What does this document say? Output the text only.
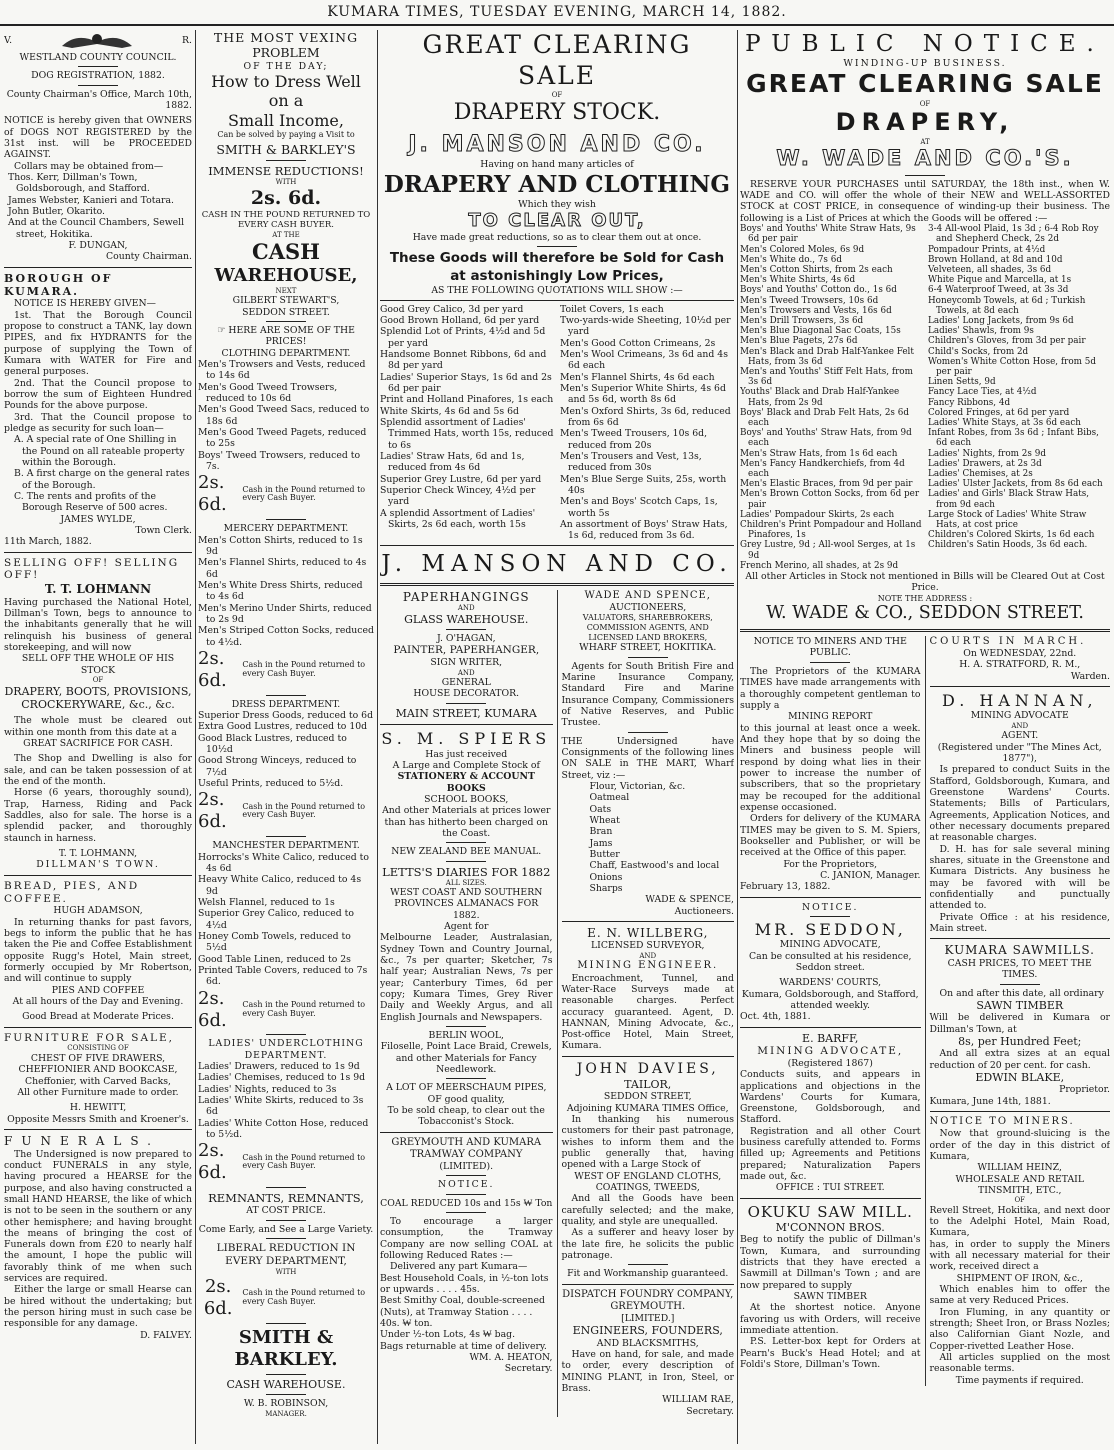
KUMARA TIMES, TUESDAY EVENING, MARCH 14, 1882.
V.	R.
WESTLAND COUNTY COUNCIL.
DOG REGISTRATION, 1882.
County Chairman's Office, March 10th, 1882.
NOTICE is hereby given that OWNERS of DOGS NOT REGISTERED by the 31st inst. will be PROCEEDED AGAINST.
Collars may be obtained from—
Thos. Kerr, Dillman's Town, Goldsborough, and Stafford.
James Webster, Kanieri and Totara.
John Butler, Okarito.
And at the Council Chambers, Sewell street, Hokitika.
F. DUNGAN,
County Chairman.
BOROUGH OF KUMARA.
NOTICE IS HEREBY GIVEN—
1st. That the Borough Council propose to construct a TANK, lay down PIPES, and fix HYDRANTS for the purpose of supplying the Town of Kumara with WATER for Fire and general purposes.
2nd. That the Council propose to borrow the sum of Eighteen Hundred Pounds for the above purpose.
3rd. That the Council propose to pledge as security for such loan—
A. A special rate of One Shilling in the Pound on all rateable property within the Borough.
B. A first charge on the general rates of the Borough.
C. The rents and profits of the Borough Reserve of 500 acres.
JAMES WYLDE,
Town Clerk.
11th March, 1882.
SELLING OFF! SELLING OFF!
T. T. LOHMANN
Having purchased the National Hotel, Dillman's Town, begs to announce to the inhabitants generally that he will relinquish his business of general storekeeping, and will now
SELL OFF THE WHOLE OF HIS STOCK
OF
DRAPERY, BOOTS, PROVISIONS, CROCKERYWARE, &c., &c.
The whole must be cleared out within one month from this date at a
GREAT SACRIFICE FOR CASH.
The Shop and Dwelling is also for sale, and can be taken possession of at the end of the month.
Horse (6 years, thoroughly sound), Trap, Harness, Riding and Pack Saddles, also for sale. The horse is a splendid packer, and thoroughly staunch in harness.
T. T. LOHMANN,
DILLMAN'S TOWN.
BREAD, PIES, AND COFFEE.
HUGH ADAMSON,
In returning thanks for past favors, begs to inform the public that he has taken the Pie and Coffee Establishment opposite Rugg's Hotel, Main street, formerly occupied by Mr Robertson, and will continue to supply
PIES AND COFFEE
At all hours of the Day and Evening.
Good Bread at Moderate Prices.
FURNITURE FOR SALE,
CONSISTING OF
CHEST OF FIVE DRAWERS, CHEFFIONIER AND BOOKCASE,
Cheffonier, with Carved Backs,
All other Furniture made to order.
H. HEWITT,
Opposite Messrs Smith and Kroener's.
FUNERALS.
The Undersigned is now prepared to conduct FUNERALS in any style, having procured a HEARSE for the purpose, and also having constructed a small HAND HEARSE, the like of which is not to be seen in the southern or any other hemisphere; and having brought the means of bringing the cost of Funerals down from £20 to nearly half the amount, I hope the public will favorably think of me when such services are required.
Either the large or small Hearse can be hired without the undertaking; but the person hiring must in such case be responsible for any damage.
D. FALVEY.
THE MOST VEXING
PROBLEM
OF THE DAY;
How to Dress Well
on a
Small Income,
Can be solved by paying a Visit to
SMITH & BARKLEY'S
IMMENSE REDUCTIONS!
WITH
2s. 6d.
CASH IN THE POUND RETURNED TO EVERY CASH BUYER.
AT THE
CASH
WAREHOUSE,
NEXT
GILBERT STEWART'S,
SEDDON STREET.
☞ HERE ARE SOME OF THE PRICES!
CLOTHING DEPARTMENT.
Men's Trowsers and Vests, reduced to 14s 6d
Men's Good Tweed Trowsers, reduced to 10s 6d
Men's Good Tweed Sacs, reduced to 18s 6d
Men's Good Tweed Pagets, reduced to 25s
Boys' Tweed Trowsers, reduced to 7s.
2s. 6d.
Cash in the Pound returned to every Cash Buyer.
MERCERY DEPARTMENT.
Men's Cotton Shirts, reduced to 1s 9d
Men's Flannel Shirts, reduced to 4s 6d
Men's White Dress Shirts, reduced to 4s 6d
Men's Merino Under Shirts, reduced to 2s 9d
Men's Striped Cotton Socks, reduced to 4½d.
2s. 6d.
Cash in the Pound returned to every Cash Buyer.
DRESS DEPARTMENT.
Superior Dress Goods, reduced to 6d
Extra Good Lustres, reduced to 10d
Good Black Lustres, reduced to 10½d
Good Strong Winceys, reduced to 7½d
Useful Prints, reduced to 5½d.
2s. 6d.
Cash in the Pound returned to every Cash Buyer.
MANCHESTER DEPARTMENT.
Horrocks's White Calico, reduced to 4s 6d
Heavy White Calico, reduced to 4s 9d
Welsh Flannel, reduced to 1s
Superior Grey Calico, reduced to 4½d
Honey Comb Towels, reduced to 5½d
Good Table Linen, reduced to 2s
Printed Table Covers, reduced to 7s 6d.
2s. 6d.
Cash in the Pound returned to every Cash Buyer.
LADIES' UNDERCLOTHING DEPARTMENT.
Ladies' Drawers, reduced to 1s 9d
Ladies' Chemises, reduced to 1s 9d
Ladies' Nights, reduced to 3s
Ladies' White Skirts, reduced to 3s 6d
Ladies' White Cotton Hose, reduced to 5½d.
2s. 6d.
Cash in the Pound returned to every Cash Buyer.
REMNANTS, REMNANTS,
AT COST PRICE.
Come Early, and See a Large Variety.
LIBERAL REDUCTION IN EVERY DEPARTMENT,
WITH
2s. 6d.
Cash in the Pound returned to every Cash Buyer.
SMITH & BARKLEY.
CASH WAREHOUSE.
W. B. ROBINSON,
MANAGER.
GREAT CLEARING SALE
OF
DRAPERY STOCK.
J. MANSON AND CO.
Having on hand many articles of
DRAPERY AND CLOTHING
Which they wish
TO CLEAR OUT,
Have made great reductions, so as to clear them out at once.
These Goods will therefore be Sold for Cash at astonishingly Low Prices,
AS THE FOLLOWING QUOTATIONS WILL SHOW :—
Good Grey Calico, 3d per yard
Good Brown Holland, 6d per yard
Splendid Lot of Prints, 4½d and 5d per yard
Handsome Bonnet Ribbons, 6d and 8d per yard
Ladies' Superior Stays, 1s 6d and 2s 6d per pair
Print and Holland Pinafores, 1s each
White Skirts, 4s 6d and 5s 6d
Splendid assortment of Ladies' Trimmed Hats, worth 15s, reduced to 6s
Ladies' Straw Hats, 6d and 1s, reduced from 4s 6d
Superior Grey Lustre, 6d per yard
Superior Check Wincey, 4½d per yard
A splendid Assortment of Ladies' Skirts, 2s 6d each, worth 15s
Toilet Covers, 1s each
Two-yards-wide Sheeting, 10½d per yard
Men's Good Cotton Crimeans, 2s
Men's Wool Crimeans, 3s 6d and 4s 6d each
Men's Flannel Shirts, 4s 6d each
Men's Superior White Shirts, 4s 6d and 5s 6d, worth 8s 6d
Men's Oxford Shirts, 3s 6d, reduced from 6s 6d
Men's Tweed Trousers, 10s 6d, reduced from 20s
Men's Trousers and Vest, 13s, reduced from 30s
Men's Blue Serge Suits, 25s, worth 40s
Men's and Boys' Scotch Caps, 1s, worth 5s
An assortment of Boys' Straw Hats, 1s 6d, reduced from 3s 6d.
J. MANSON AND CO.
PAPERHANGINGS
AND
GLASS WAREHOUSE.
J. O'HAGAN,
PAINTER, PAPERHANGER,
SIGN WRITER,
AND
GENERAL
HOUSE DECORATOR.
MAIN STREET, KUMARA
S. M. SPIERS
Has just received
A Large and Complete Stock of
STATIONERY & ACCOUNT BOOKS
SCHOOL BOOKS,
And other Materials at prices lower than has hitherto been charged on the Coast.
NEW ZEALAND BEE MANUAL.
LETTS'S DIARIES FOR 1882
ALL SIZES.
WEST COAST AND SOUTHERN PROVINCES ALMANACS FOR 1882.
Agent for
Melbourne Leader, Australasian, Sydney Town and Country Journal, &c., 7s per quarter; Sketcher, 7s half year; Australian News, 7s per year; Canterbury Times, 6d per copy; Kumara Times, Grey River Daily and Weekly Argus, and all English Journals and Newspapers.
BERLIN WOOL,
Filoselle, Point Lace Braid, Crewels, and other Materials for Fancy Needlework.
A LOT OF MEERSCHAUM PIPES, OF good quality,
To be sold cheap, to clear out the Tobacconist's Stock.
GREYMOUTH AND KUMARA TRAMWAY COMPANY
(LIMITED).
NOTICE.
COAL REDUCED 10s and 15s ₩ Ton
To encourage a larger consumption, the Tramway Company are now selling COAL at following Reduced Rates :—
Delivered any part Kumara—
Best Household Coals, in ½-ton lots or upwards . . . . 45s.
Best Smithy Coal, double-screened (Nuts), at Tramway Station . . . . 40s. ₩ ton.
Under ½-ton Lots, 4s ₩ bag.
Bags returnable at time of delivery.
WM. A. HEATON,
Secretary.
WADE AND SPENCE,
AUCTIONEERS,
VALUATORS, SHAREBROKERS, COMMISSION AGENTS, AND
LICENSED LAND BROKERS,
WHARF STREET, HOKITIKA.
Agents for South British Fire and Marine Insurance Company, Standard Fire and Marine Insurance Company, Commissioners of Native Reserves, and Public Trustee.
THE Undersigned have Consignments of the following lines ON SALE in THE MART, Wharf Street, viz :—
Flour, Victorian, &c.
Oatmeal
Oats
Wheat
Bran
Jams
Butter
Chaff, Eastwood's and local
Onions
Sharps
WADE & SPENCE,
Auctioneers.
E. N. WILLBERG,
LICENSED SURVEYOR,
AND
MINING ENGINEER.
Encroachment, Tunnel, and Water-Race Surveys made at reasonable charges. Perfect accuracy guaranteed. Agent, D. HANNAN, Mining Advocate, &c., Post-office Hotel, Main Street, Kumara.
JOHN DAVIES,
TAILOR,
SEDDON STREET,
Adjoining KUMARA TIMES Office,
In thanking his numerous customers for their past patronage, wishes to inform them and the public generally that, having opened with a Large Stock of
WEST OF ENGLAND CLOTHS,
COATINGS, TWEEDS,
And all the Goods have been carefully selected; and the make, quality, and style are unequalled.
As a sufferer and heavy loser by the late fire, he solicits the public patronage.
Fit and Workmanship guaranteed.
DISPATCH FOUNDRY COMPANY, GREYMOUTH.
[LIMITED.]
ENGINEERS, FOUNDERS,
AND BLACKSMITHS,
Have on hand, for sale, and made to order, every description of MINING PLANT, in Iron, Steel, or Brass.
WILLIAM RAE,
Secretary.
PUBLIC NOTICE.
WINDING-UP BUSINESS.
GREAT CLEARING SALE
OF
DRAPERY,
AT
W. WADE AND CO.'S.
RESERVE YOUR PURCHASES until SATURDAY, the 18th inst., when W. WADE and CO. will offer the whole of their NEW and WELL-ASSORTED STOCK at COST PRICE, in consequence of winding-up their business. The following is a List of Prices at which the Goods will be offered :—
Boys' and Youths' White Straw Hats, 9s 6d per pair
Men's Colored Moles, 6s 9d
Men's White do., 7s 6d
Men's Cotton Shirts, from 2s each
Men's White Shirts, 4s 6d
Boys' and Youths' Cotton do., 1s 6d
Men's Tweed Trowsers, 10s 6d
Men's Trowsers and Vests, 16s 6d
Men's Drill Trowsers, 3s 6d
Men's Blue Diagonal Sac Coats, 15s
Men's Blue Pagets, 27s 6d
Men's Black and Drab Half-Yankee Felt Hats, from 3s 6d
Men's and Youths' Stiff Felt Hats, from 3s 6d
Youths' Black and Drab Half-Yankee Hats, from 2s 9d
Boys' Black and Drab Felt Hats, 2s 6d each
Boys' and Youths' Straw Hats, from 9d each
Men's Straw Hats, from 1s 6d each
Men's Fancy Handkerchiefs, from 4d each
Men's Elastic Braces, from 9d per pair
Men's Brown Cotton Socks, from 6d per pair
Ladies' Pompadour Skirts, 2s each
Children's Print Pompadour and Holland Pinafores, 1s
Grey Lustre, 9d ; All-wool Serges, at 1s 9d
French Merino, all shades, at 2s 9d
3-4 All-wool Plaid, 1s 3d ; 6-4 Rob Roy and Shepherd Check, 2s 2d
Pompadour Prints, at 4½d
Brown Holland, at 8d and 10d
Velveteen, all shades, 3s 6d
White Pique and Marcella, at 1s
6-4 Waterproof Tweed, at 3s 3d
Honeycomb Towels, at 6d ; Turkish Towels, at 8d each
Ladies' Long Jackets, from 9s 6d
Ladies' Shawls, from 9s
Children's Gloves, from 3d per pair
Child's Socks, from 2d
Women's White Cotton Hose, from 5d per pair
Linen Setts, 9d
Fancy Lace Ties, at 4½d
Fancy Ribbons, 4d
Colored Fringes, at 6d per yard
Ladies' White Stays, at 3s 6d each
Infant Robes, from 3s 6d ; Infant Bibs, 6d each
Ladies' Nights, from 2s 9d
Ladies' Drawers, at 2s 3d
Ladies' Chemises, at 2s
Ladies' Ulster Jackets, from 8s 6d each
Ladies' and Girls' Black Straw Hats, from 9d each
Large Stock of Ladies' White Straw Hats, at cost price
Children's Colored Skirts, 1s 6d each
Children's Satin Hoods, 3s 6d each.
All other Articles in Stock not mentioned in Bills will be Cleared Out at Cost Price.
NOTE THE ADDRESS :
W. WADE & CO., SEDDON STREET.
NOTICE TO MINERS AND THE PUBLIC.
The Proprietors of the KUMARA TIMES have made arrangements with a thoroughly competent gentleman to supply a
MINING REPORT
to this journal at least once a week. And they hope that by so doing the Miners and business people will respond by doing what lies in their power to increase the number of subscribers, that so the proprietary may be recouped for the additional expense occasioned.
Orders for delivery of the KUMARA TIMES may be given to S. M. Spiers, Bookseller and Publisher, or will be received at the Office of this paper.
For the Proprietors,
C. JANION, Manager.
February 13, 1882.
NOTICE.
MR. SEDDON,
MINING ADVOCATE,
Can be consulted at his residence, Seddon street.
WARDENS' COURTS,
Kumara, Goldsborough, and Stafford, attended weekly.
Oct. 4th, 1881.
E. BARFF,
MINING ADVOCATE,
(Registered 1867)
Conducts suits, and appears in applications and objections in the Wardens' Courts for Kumara, Greenstone, Goldsborough, and Stafford.
Registration and all other Court business carefully attended to. Forms filled up; Agreements and Petitions prepared; Naturalization Papers made out, &c.
OFFICE : TUI STREET.
OKUKU SAW MILL.
M'CONNON BROS.
Beg to notify the public of Dillman's Town, Kumara, and surrounding districts that they have erected a Sawmill at Dillman's Town ; and are now prepared to supply
SAWN TIMBER
At the shortest notice. Anyone favoring us with Orders, will receive immediate attention.
P.S. Letter-box kept for Orders at Pearn's Buck's Head Hotel; and at Foldi's Store, Dillman's Town.
COURTS IN MARCH.
On WEDNESDAY, 22nd.
H. A. STRATFORD, R. M.,
Warden.
D. HANNAN,
MINING ADVOCATE
AND
AGENT.
(Registered under "The Mines Act, 1877"),
Is prepared to conduct Suits in the Stafford, Goldsborough, Kumara, and Greenstone Wardens' Courts. Statements; Bills of Particulars, Agreements, Application Notices, and other necessary documents prepared at reasonable charges.
D. H. has for sale several mining shares, situate in the Greenstone and Kumara Districts. Any business he may be favored with will be confidentially and punctually attended to.
Private Office : at his residence, Main street.
KUMARA SAWMILLS.
CASH PRICES, TO MEET THE TIMES.
On and after this date, all ordinary
SAWN TIMBER
Will be delivered in Kumara or Dillman's Town, at
8s, per Hundred Feet;
And all extra sizes at an equal reduction of 20 per cent. for cash.
EDWIN BLAKE,
Proprietor.
Kumara, June 14th, 1881.
NOTICE TO MINERS.
Now that ground-sluicing is the order of the day in this district of Kumara,
WILLIAM HEINZ,
WHOLESALE AND RETAIL TINSMITH, ETC.,
OF
Revell Street, Hokitika, and next door to the Adelphi Hotel, Main Road, Kumara,
has, in order to supply the Miners with all necessary material for their work, received direct a
SHIPMENT OF IRON, &c.,
Which enables him to offer the same at very Reduced Prices.
Iron Fluming, in any quantity or strength; Sheet Iron, or Brass Nozles; also Californian Giant Nozle, and Copper-rivetted Leather Hose.
All articles supplied on the most reasonable terms.
Time payments if required.
